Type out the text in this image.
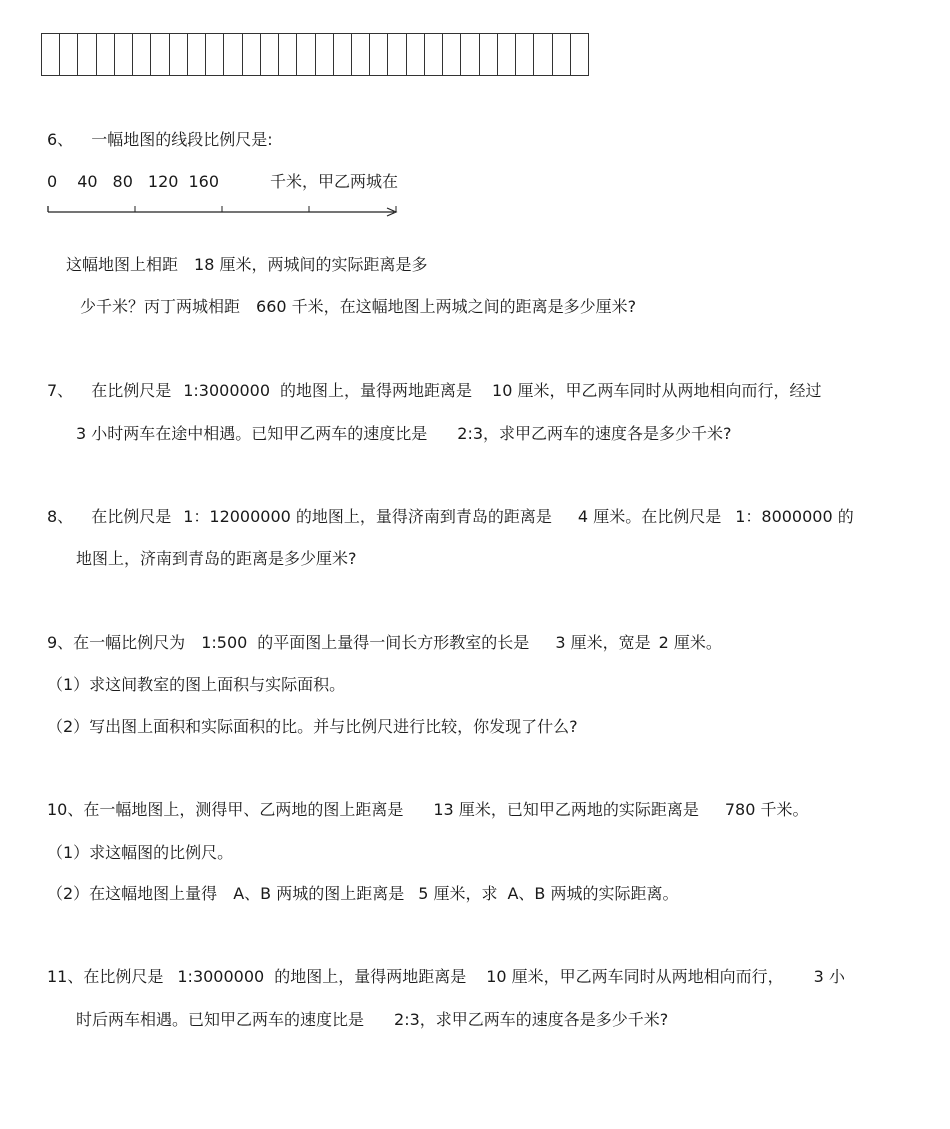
6、 一幅地图的线段比例尺是:
0 40 80 120 160	千米，甲乙两城在
这幅地图上相距 18 厘米，两城间的实际距离是多
少千米？丙丁两城相距 660 千米，在这幅地图上两城之间的距离是多少厘米?
7、 在比例尺是 1:3000000 的地图上，量得两地距离是 10 厘米，甲乙两车同时从两地相向而行，经过
3 小时两车在途中相遇。已知甲乙两车的速度比是 2:3，求甲乙两车的速度各是多少千米?
8、 在比例尺是 1：12000000 的地图上，量得济南到青岛的距离是 4 厘米。在比例尺是 1：8000000 的
地图上，济南到青岛的距离是多少厘米?
9、在一幅比例尺为 1:500 的平面图上量得一间长方形教室的长是 3 厘米，宽是 2 厘米。
（1）求这间教室的图上面积与实际面积。
（2）写出图上面积和实际面积的比。并与比例尺进行比较，你发现了什么?
10、在一幅地图上，测得甲、乙两地的图上距离是 13 厘米，已知甲乙两地的实际距离是 780 千米。
（1）求这幅图的比例尺。
（2）在这幅地图上量得 A、B 两城的图上距离是 5 厘米，求 A、B 两城的实际距离。
11、在比例尺是 1:3000000 的地图上，量得两地距离是 10 厘米，甲乙两车同时从两地相向而行， 3 小
时后两车相遇。已知甲乙两车的速度比是 2:3，求甲乙两车的速度各是多少千米?
